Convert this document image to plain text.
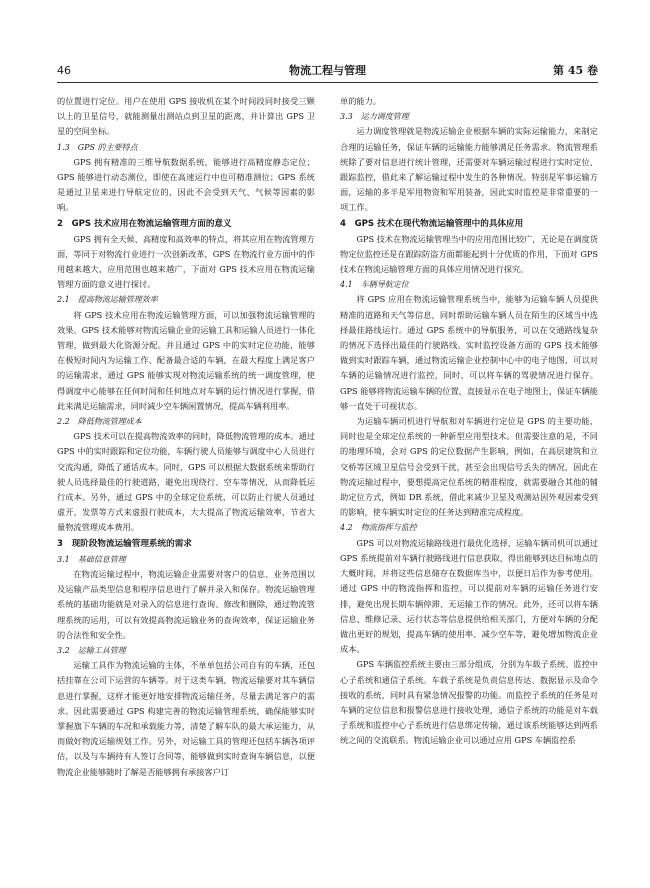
46	物流工程与管理	第 45 卷

的位置进行定位。用户在使用 GPS 接收机在某个时间段同时接受三颗以上的卫星信号，就能测量出测站点到卫星的距离，并计算出 GPS 卫星的空间坐标。

1.3　GPS 的主要特点

GPS 拥有精准的三维导航数据系统，能够进行高精度静态定位；GPS 能够进行动态测位，即使在高速运行中也可精准测位；GPS 系统是通过卫星来进行导航定位的，因此不会受到天气、气候等因素的影响。

2　GPS 技术应用在物流运输管理方面的意义

GPS 拥有全天候、高精度和高效率的特点，将其应用在物流管理方面，等同于对物流行业进行一次创新改革，GPS 在物流行业方面中的作用越来越大，应用范围也越来越广，下面对 GPS 技术应用在物流运输管理方面的意义进行探讨。

2.1　提高物流运输管理效率

将 GPS 技术应用在物流运输管理方面，可以加强物流运输管理的效果。GPS 技术能够对物流运输企业的运输工具和运输人员进行一体化管理，做到最大化资源分配。并且通过 GPS 中的实时定位功能，能够在极短时间内为运输工作、配备最合适的车辆，在最大程度上满足客户的运输需求，通过 GPS 能够实现对物流运输系统的统一调度管理，使得调度中心能够在任何时间和任何地点对车辆的运行情况进行掌握，借此来满足运输需求，同时减少空车辆闲置情况，提高车辆利用率。

2.2　降低物流管理成本

GPS 技术可以在提高物流效率的同时，降低物流管理的成本。通过 GPS 中的实时跟踪和定位功能，车辆行驶人员能够与调度中心人员进行交流沟通，降低了通话成本。同时，GPS 可以根据大数据系统来帮助行驶人员选择最佳的行驶道路，避免出现绕行、空车等情况，从而降低运行成本。另外，通过 GPS 中的全球定位系统，可以防止行驶人员通过虚开，发票等方式来虚报行驶成本，大大提高了物流运输效率，节省大量物流管理成本费用。

3　现阶段物流运输管理系统的需求
3.1　基础信息管理

在物流运输过程中，物流运输企业需要对客户的信息、业务范围以及运输产品类型信息和程序信息进行了解并录入和保存。物流运输管理系统的基础功能就是对录入的信息进行查询、修改和删除，通过物流管理系统的运用，可以有效提高物流运输业务的查询效率，保证运输业务的合法性和安全性。

3.2　运输工具管理

运输工具作为物流运输的主体，不单单包括公司自有的车辆，还包括挂靠在公司下运营的车辆等。对于这类车辆，物流运输要对其车辆信息进行掌握，这样才能更好地安排物流运输任务，尽量去满足客户的需求。因此需要通过 GPS 构建完善的物流运输管理系统，确保能够实时掌握旗下车辆的车况和承载能力等，清楚了解车队的最大承运能力，从而做好物流运输规划工作。另外，对运输工具的管理还包括车辆各项评估，以及与车辆持有人签订合同等，能够做到实时查询车辆信息，以便物流企业能够随时了解是否能够拥有承接客户订

单的能力。

3.3　运力调度管理

运力调度管理就是物流运输企业根据车辆的实际运输能力，来制定合理的运输任务，保证车辆的运输能力能够满足任务需求。物流管理系统除了要对信息进行统计管理，还需要对车辆运输过程进行实时定位、跟踪监控，借此来了解运输过程中发生的各种情况。特别是军事运输方面，运输的多半是军用物资和军用装备，因此实时监控是非常重要的一项工作。

4　GPS 技术在现代物流运输管理中的具体应用

GPS 技术在物流运输管理当中的应用范围比较广，无论是在调度货物定位监控还是在跟踪防盗方面都能起到十分优质的作用，下面对 GPS 技术在物流运输管理方面的具体应用情况进行探究。

4.1　车辆导航定位

将 GPS 应用在物流运输管理系统当中，能够为运输车辆人员提供精准的道路和天气等信息，同时帮助运输车辆人员在陌生的区域当中选择最佳路线运行。通过 GPS 系统中的导航服务，可以在交通路线复杂的情况下选择出最佳的行驶路线。实时监控设备方面的 GPS 技术能够做到实时跟踪车辆，通过物流运输企业控制中心中的电子地图，可以对车辆的运输情况进行监控，同时，可以将车辆的驾驶情况进行保存。GPS 能够将物流运输车辆的位置，直接显示在电子地图上，保证车辆能够一直处于可视状态。

为运输车辆司机进行导航和对车辆进行定位是 GPS 的主要功能，同时也是全球定位系统的一种新型应用型技术。但需要注意的是，不同的地理环境，会对 GPS 的定位数据产生影响，例如，在高层建筑和立交桥等区域卫星信号会受到干扰，甚至会出现信号丢失的情况，因此在物流运输过程中，要想提高定位系统的精准程度，就需要融合其他的辅助定位方式，例如 DR 系统，借此来减少卫星及观测站因外观因素受到的影响，使车辆实时定位的任务达到精准完成程度。

4.2　物流指挥与监控

GPS 可以对物流运输路线进行最优化选择，运输车辆司机可以通过 GPS 系统提前对车辆行驶路线进行信息获取，得出能够到达目标地点的大概时间，并将这些信息储存在数据库当中，以便日后作为参考使用。通过 GPS 中的物流指挥和监控，可以提前对车辆的运输任务进行安排，避免出现长期车辆停滞、无运输工作的情况。此外，还可以将车辆信息、维修记录、运行状态等信息提供给相关部门，方便对车辆的分配做出更好的规划，提高车辆的使用率、减少空车等，避免增加物流企业成本。

GPS 车辆监控系统主要由三部分组成，分别为车载子系统、监控中心子系统和通信子系统。车载子系统是负责信息传达、数据显示及命令接收的系统，同时具有紧急情况报警的功能。而监控子系统的任务是对车辆的定位信息和报警信息进行接收处理，通信子系统的功能是对车载子系统和监控中心子系统进行信息绑定传输，通过该系统能够达到两系统之间的交流联系。物流运输企业可以通过应用 GPS 车辆监控系
